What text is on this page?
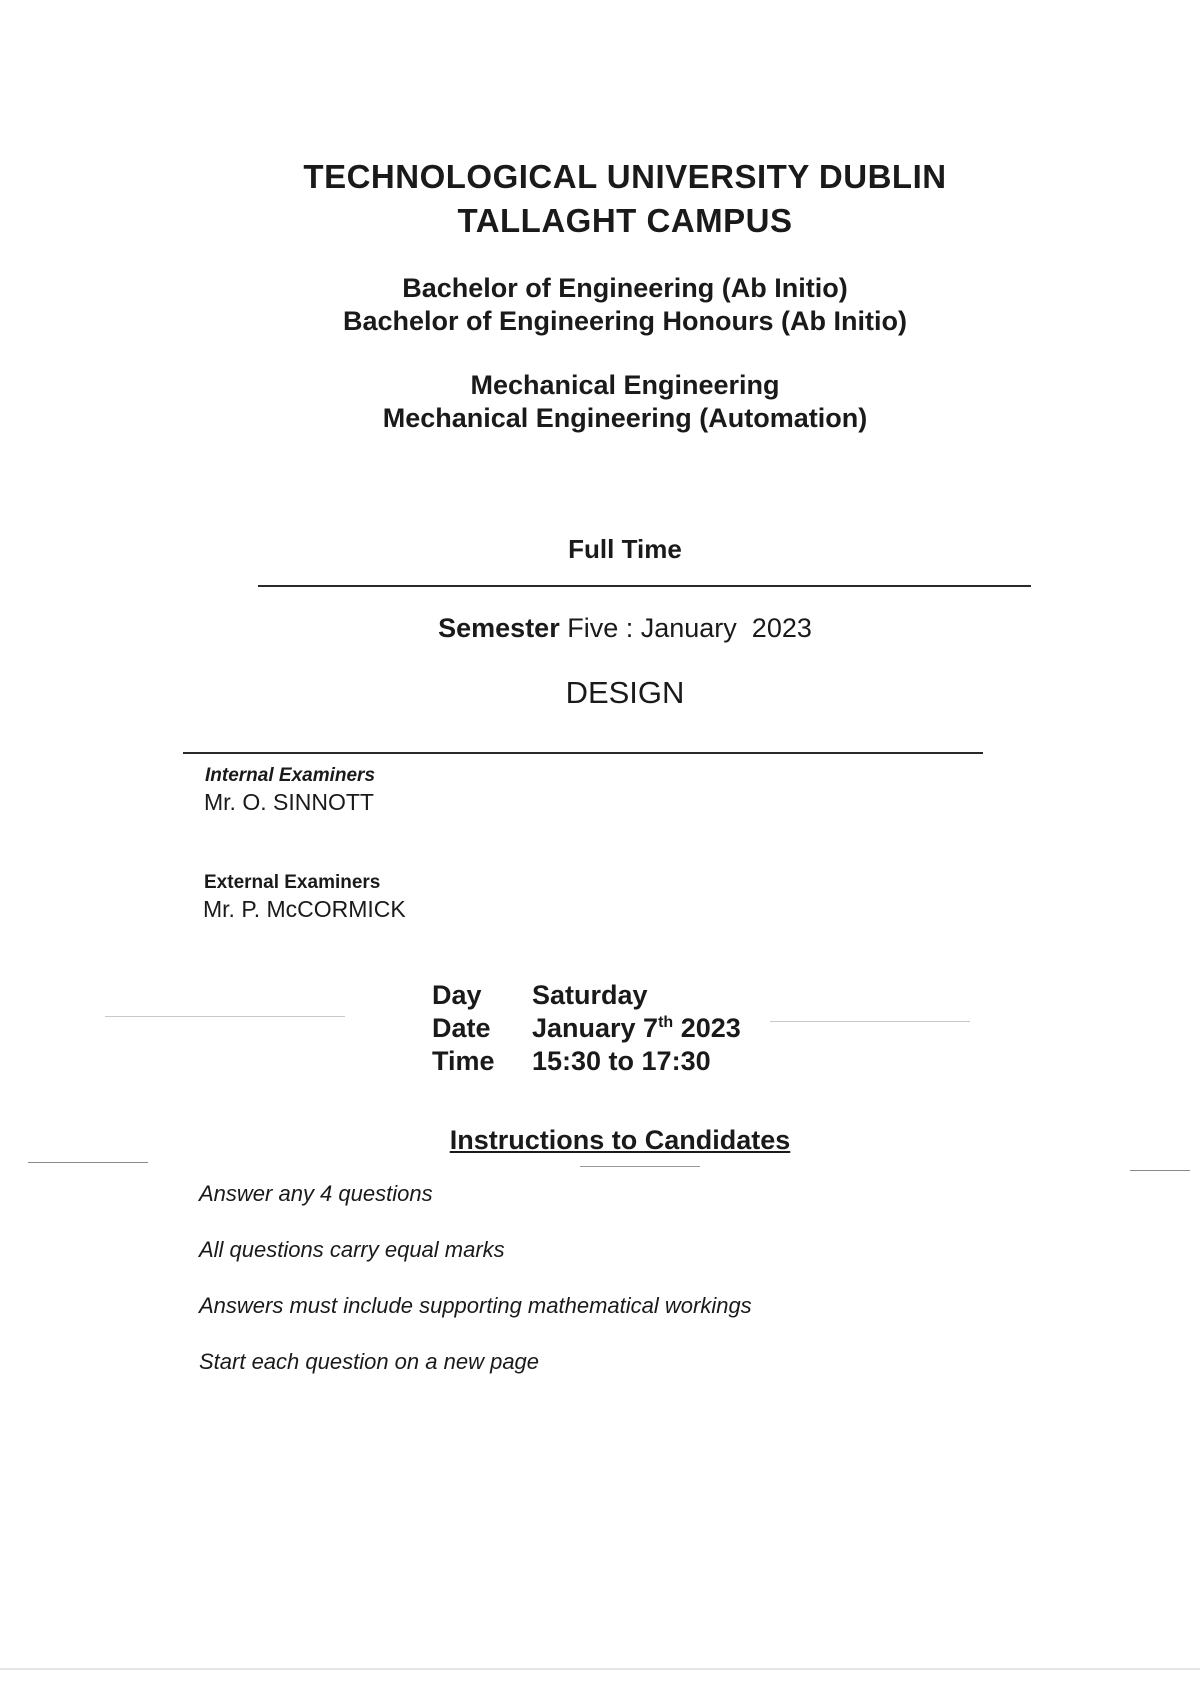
TECHNOLOGICAL UNIVERSITY DUBLIN
TALLAGHT CAMPUS
Bachelor of Engineering (Ab Initio)
Bachelor of Engineering Honours (Ab Initio)
Mechanical Engineering
Mechanical Engineering (Automation)
Full Time
Semester Five : January  2023
DESIGN
Internal Examiners
Mr. O. SINNOTT
External Examiners
Mr. P. McCORMICK
Day	Saturday
Date	January 7th 2023
Time	15:30 to 17:30
Instructions to Candidates
Answer any 4 questions
All questions carry equal marks
Answers must include supporting mathematical workings
Start each question on a new page
